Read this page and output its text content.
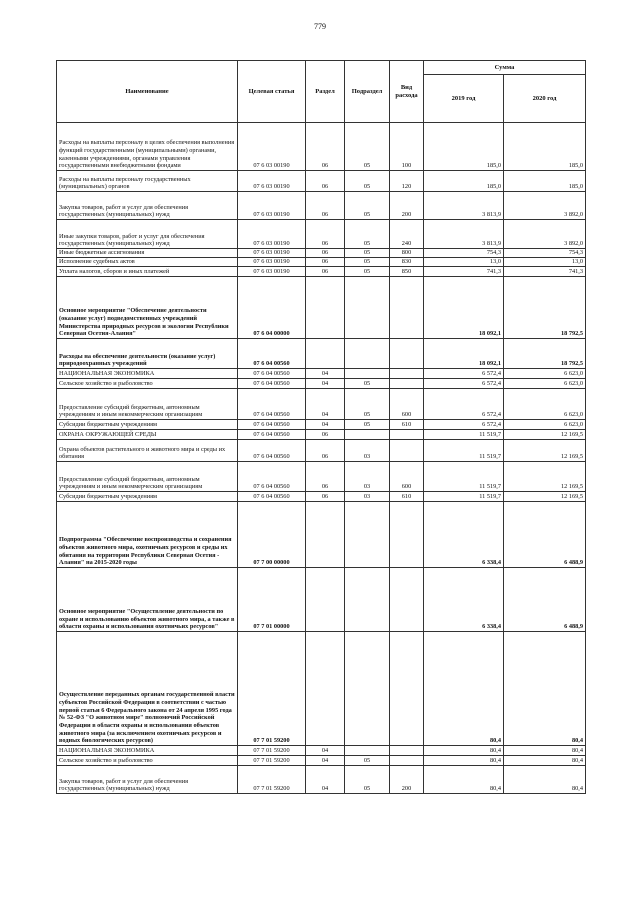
779
Наименование	Целевая статья	Раздел	Подраздел	Вид расхода	Сумма	
					2019 год	2020 год
Расходы на выплаты персоналу в целях обеспечения выполнения функций государственными (муниципальными) органами, казенными учреждениями, органами управления государственными внебюджетными фондами	07 6 03 00190	06	05	100	185,0	185,0
Расходы на выплаты персоналу государственных (муниципальных) органов	07 6 03 00190	06	05	120	185,0	185,0
Закупка товаров, работ и услуг для обеспечения государственных (муниципальных) нужд	07 6 03 00190	06	05	200	3 813,9	3 892,0
Иные закупки товаров, работ и услуг для обеспечения государственных (муниципальных) нужд	07 6 03 00190	06	05	240	3 813,9	3 892,0
Иные бюджетные ассигнования	07 6 03 00190	06	05	800	754,3	754,3
Исполнение судебных актов	07 6 03 00190	06	05	830	13,0	13,0
Уплата налогов, сборов и иных платежей	07 6 03 00190	06	05	850	741,3	741,3
Основное мероприятие "Обеспечение деятельности (оказание услуг) подведомственных учреждений Министерства природных ресурсов и экологии Республики Северная Осетия-Алания"	07 6 04 00000				18 092,1	18 792,5
Расходы на обеспечение деятельности (оказание услуг) природоохранных учреждений	07 6 04 00560				18 092,1	18 792,5
НАЦИОНАЛЬНАЯ ЭКОНОМИКА	07 6 04 00560	04			6 572,4	6 623,0
Сельское хозяйство и рыболовство	07 6 04 00560	04	05		6 572,4	6 623,0
Предоставление субсидий бюджетным, автономным учреждениям и иным некоммерческим организациям	07 6 04 00560	04	05	600	6 572,4	6 623,0
Субсидии бюджетным учреждениям	07 6 04 00560	04	05	610	6 572,4	6 623,0
ОХРАНА ОКРУЖАЮЩЕЙ СРЕДЫ	07 6 04 00560	06			11 519,7	12 169,5
Охрана объектов растительного и животного мира и среды их обитания	07 6 04 00560	06	03		11 519,7	12 169,5
Предоставление субсидий бюджетным, автономным учреждениям и иным некоммерческим организациям	07 6 04 00560	06	03	600	11 519,7	12 169,5
Субсидии бюджетным учреждениям	07 6 04 00560	06	03	610	11 519,7	12 169,5
Подпрограмма "Обеспечение воспроизводства и сохранения объектов животного мира, охотничьих ресурсов и среды их обитания на территории Республики Северная Осетия - Алания" на 2015-2020 годы	07 7 00 00000				6 338,4	6 488,9
Основное мероприятие "Осуществление деятельности по охране и использованию объектов животного мира, а также в области охраны и использования охотничьих ресурсов"	07 7 01 00000				6 338,4	6 488,9
Осуществление переданных органам государственной власти субъектов Российской Федерации в соответствии с частью первой статьи 6 Федерального закона от 24 апреля 1995 года № 52-ФЗ "О животном мире" полномочий Российской Федерации в области охраны и использования объектов животного мира (за исключением охотничьих ресурсов и водных биологических ресурсов)	07 7 01 59200				80,4	80,4
НАЦИОНАЛЬНАЯ ЭКОНОМИКА	07 7 01 59200	04			80,4	80,4
Сельское хозяйство и рыболовство	07 7 01 59200	04	05		80,4	80,4
Закупка товаров, работ и услуг для обеспечения государственных (муниципальных) нужд	07 7 01 59200	04	05	200	80,4	80,4
